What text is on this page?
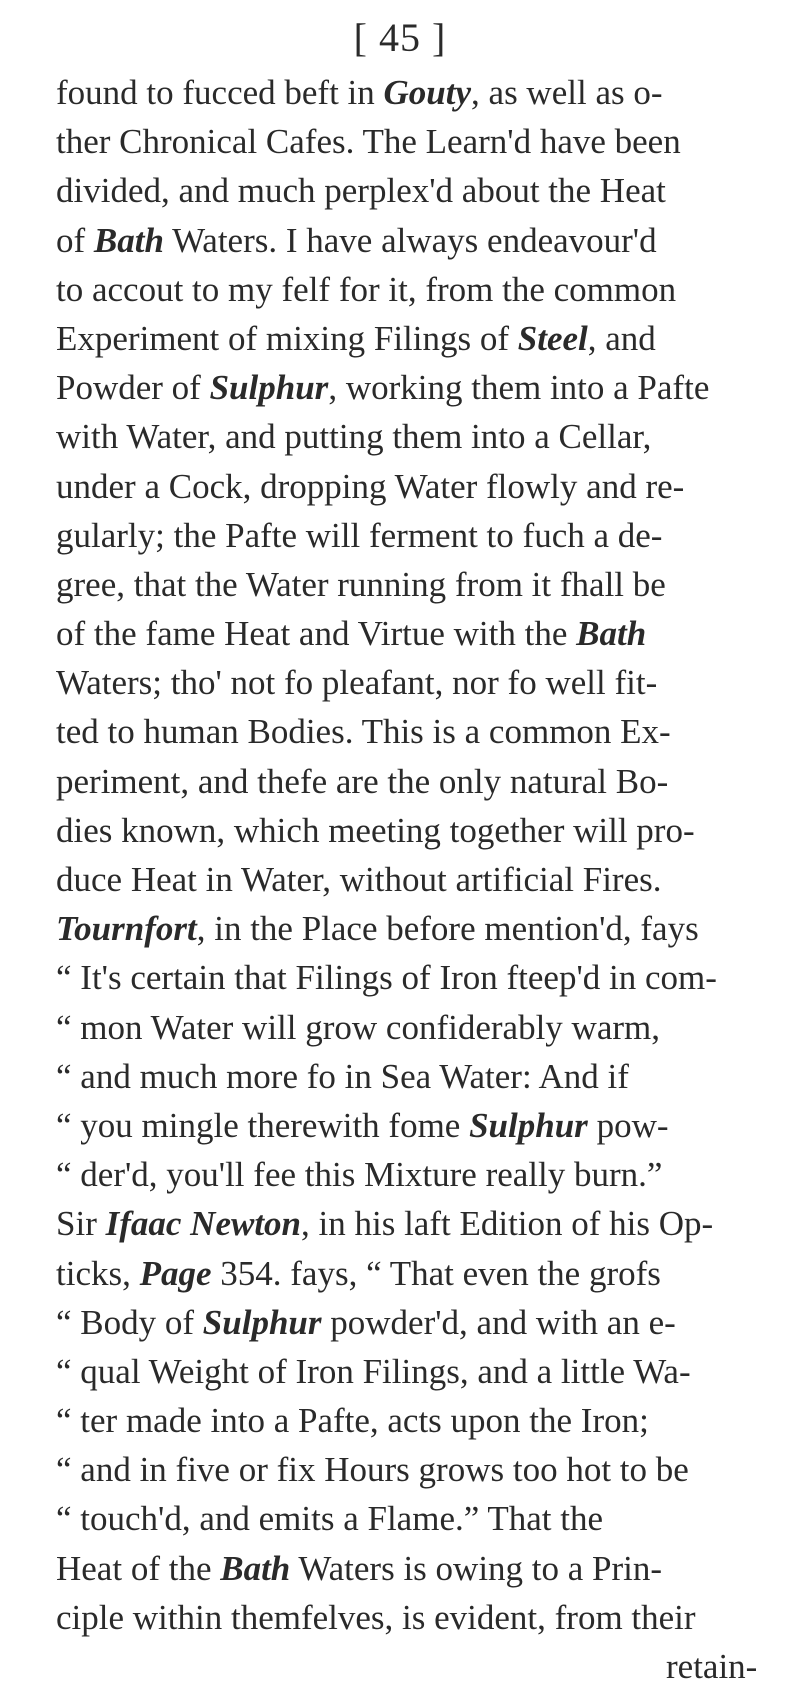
[ 45 ]
found to fucced beft in Gouty, as well as o-
ther Chronical Cafes. The Learn'd have been
divided, and much perplex'd about the Heat
of Bath Waters. I have always endeavour'd
to accout to my felf for it, from the common
Experiment of mixing Filings of Steel, and
Powder of Sulphur, working them into a Pafte
with Water, and putting them into a Cellar,
under a Cock, dropping Water flowly and re-
gularly; the Pafte will ferment to fuch a de-
gree, that the Water running from it fhall be
of the fame Heat and Virtue with the Bath
Waters; tho' not fo pleafant, nor fo well fit-
ted to human Bodies. This is a common Ex-
periment, and thefe are the only natural Bo-
dies known, which meeting together will pro-
duce Heat in Water, without artificial Fires.
Tournfort, in the Place before mention'd, fays
“ It's certain that Filings of Iron fteep'd in com-
“ mon Water will grow confiderably warm,
“ and much more fo in Sea Water: And if
“ you mingle therewith fome Sulphur pow-
“ der'd, you'll fee this Mixture really burn.”
Sir Ifaac Newton, in his laft Edition of his Op-
ticks, Page 354. fays, “ That even the grofs
“ Body of Sulphur powder'd, and with an e-
“ qual Weight of Iron Filings, and a little Wa-
“ ter made into a Pafte, acts upon the Iron;
“ and in five or fix Hours grows too hot to be
“ touch'd, and emits a Flame.” That the
Heat of the Bath Waters is owing to a Prin-
ciple within themfelves, is evident, from their
retain-
